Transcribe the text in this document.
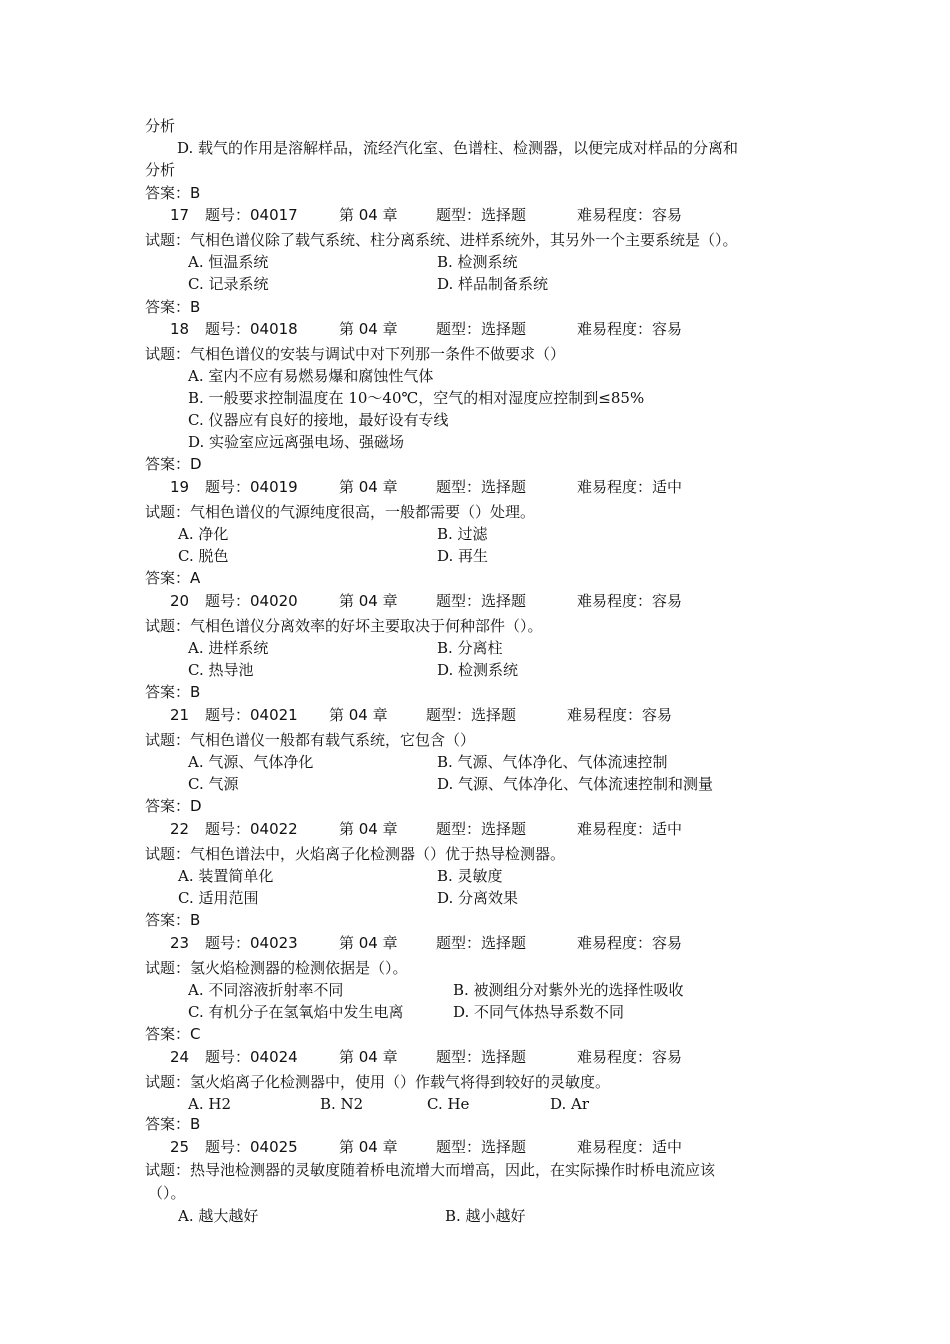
分析
D. 载气的作用是溶解样品，流经汽化室、色谱柱、检测器，以便完成对样品的分离和
分析
答案：B
17 题号：04017	第 04 章	题型：选择题	难易程度：容易
试题：气相色谱仪除了载气系统、柱分离系统、进样系统外，其另外一个主要系统是（）。
A. 恒温系统	B. 检测系统
C. 记录系统	D. 样品制备系统
答案：B
18 题号：04018	第 04 章	题型：选择题	难易程度：容易
试题：气相色谱仪的安装与调试中对下列那一条件不做要求（）
A. 室内不应有易燃易爆和腐蚀性气体
B. 一般要求控制温度在 10～40℃，空气的相对湿度应控制到≤85%
C. 仪器应有良好的接地，最好设有专线
D. 实验室应远离强电场、强磁场
答案：D
19 题号：04019	第 04 章	题型：选择题	难易程度：适中
试题：气相色谱仪的气源纯度很高，一般都需要（）处理。
A. 净化	B. 过滤
C. 脱色	D. 再生
答案：A
20 题号：04020	第 04 章	题型：选择题	难易程度：容易
试题：气相色谱仪分离效率的好坏主要取决于何种部件（）。
A. 进样系统	B. 分离柱
C. 热导池	D. 检测系统
答案：B
21 题号：04021 第 04 章	题型：选择题	难易程度：容易
试题：气相色谱仪一般都有载气系统，它包含（）
A. 气源、气体净化	B. 气源、气体净化、气体流速控制
C. 气源	D. 气源、气体净化、气体流速控制和测量
答案：D
22 题号：04022	第 04 章	题型：选择题	难易程度：适中
试题：气相色谱法中，火焰离子化检测器（）优于热导检测器。
A. 装置简单化	B. 灵敏度
C. 适用范围	D. 分离效果
答案：B
23 题号：04023	第 04 章	题型：选择题	难易程度：容易
试题：氢火焰检测器的检测依据是（）。
A. 不同溶液折射率不同	B. 被测组分对紫外光的选择性吸收
C. 有机分子在氢氧焰中发生电离	D. 不同气体热导系数不同
答案：C
24 题号：04024	第 04 章	题型：选择题	难易程度：容易
试题：氢火焰离子化检测器中，使用（）作载气将得到较好的灵敏度。
A. H2	B. N2	C. He	D. Ar
答案：B
25 题号：04025	第 04 章	题型：选择题	难易程度：适中
试题：热导池检测器的灵敏度随着桥电流增大而增高，因此，在实际操作时桥电流应该
（）。
A. 越大越好	B. 越小越好
